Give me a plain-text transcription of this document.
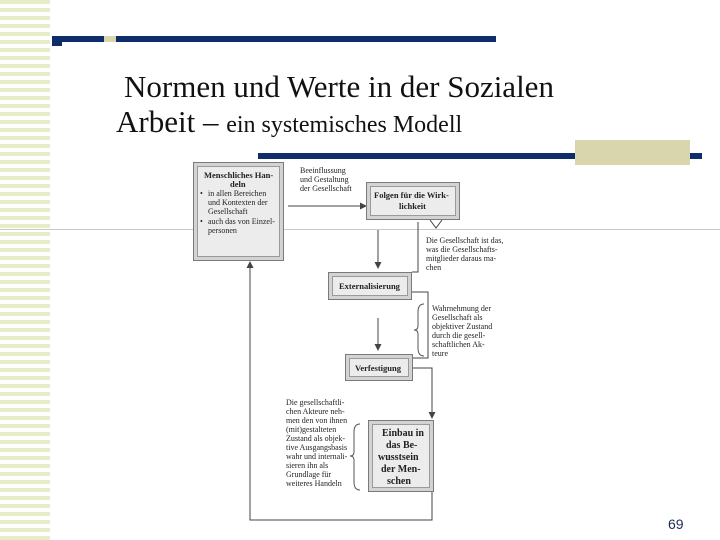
Normen und Werte in der Sozialen
Arbeit – ein systemisches Modell
Menschliches Han-
deln
• in allen Bereichen
und Kontexten der
Gesellschaft
• auch das von Einzel-
personen
Beeinflussung
und Gestaltung
der Gesellschaft
Folgen für die Wirk-
lichkeit
Die Gesellschaft ist das,
was die Gesellschafts-
mitglieder daraus ma-
chen
Externalisierung
Wahrnehmung der
Gesellschaft als
objektiver Zustand
durch die gesell-
schaftlichen Ak-
teure
Verfestigung
Die gesellschaftli-
chen Akteure neh-
men den von ihnen
(mit)gestalteten
Zustand als objek-
tive Ausgangsbasis
wahr und internali-
sieren ihn als
Grundlage für
weiteres Handeln
Einbau in
das Be-
wusstsein
der Men-
schen
69
